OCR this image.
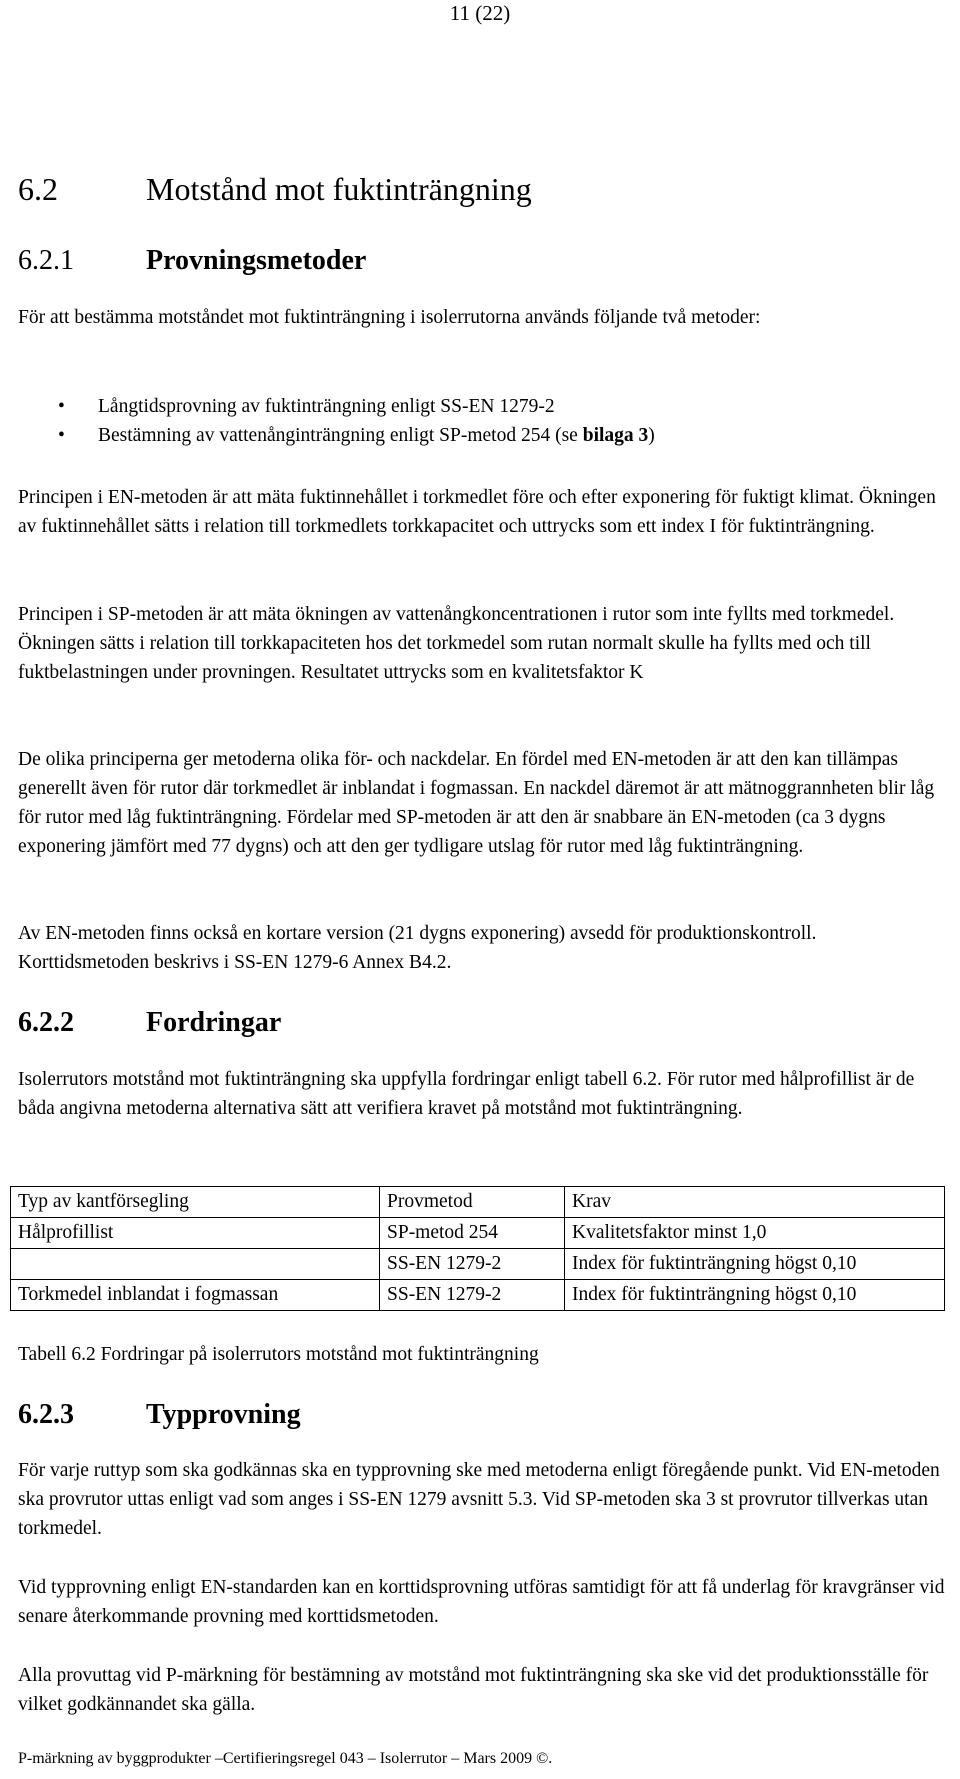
11 (22)
6.2	Motstånd mot fuktinträngning
6.2.1	Provningsmetoder
För att bestämma motståndet mot fuktinträngning i isolerrutorna används följande två metoder:
• Långtidsprovning av fuktinträngning enligt SS-EN 1279-2
• Bestämning av vattenånginträngning enligt SP-metod 254 (se bilaga 3)
Principen i EN-metoden är att mäta fuktinnehållet i torkmedlet före och efter exponering för fuktigt klimat. Ökningen av fuktinnehållet sätts i relation till torkmedlets torkkapacitet och uttrycks som ett index I för fuktinträngning.
Principen i SP-metoden är att mäta ökningen av vattenångkoncentrationen i rutor som inte fyllts med torkmedel. Ökningen sätts i relation till torkkapaciteten hos det torkmedel som rutan normalt skulle ha fyllts med och till fuktbelastningen under provningen. Resultatet uttrycks som en kvalitetsfaktor K
De olika principerna ger metoderna olika för- och nackdelar. En fördel med EN-metoden är att den kan tillämpas generellt även för rutor där torkmedlet är inblandat i fogmassan. En nackdel däremot är att mätnoggrannheten blir låg för rutor med låg fuktinträngning. Fördelar med SP-metoden är att den är snabbare än EN-metoden (ca 3 dygns exponering jämfört med 77 dygns) och att den ger tydligare utslag för rutor med låg fuktinträngning.
Av EN-metoden finns också en kortare version (21 dygns exponering) avsedd för produktionskontroll. Korttidsmetoden beskrivs i SS-EN 1279-6 Annex B4.2.
6.2.2	Fordringar
Isolerrutors motstånd mot fuktinträngning ska uppfylla fordringar enligt tabell 6.2. För rutor med hålprofillist är de båda angivna metoderna alternativa sätt att verifiera kravet på motstånd mot fuktinträngning.
Typ av kantförsegling	Provmetod	Krav
Hålprofillist	SP-metod 254	Kvalitetsfaktor minst 1,0
	SS-EN 1279-2	Index för fuktinträngning högst 0,10
Torkmedel inblandat i fogmassan	SS-EN 1279-2	Index för fuktinträngning högst 0,10
Tabell 6.2 Fordringar på isolerrutors motstånd mot fuktinträngning
6.2.3	Typprovning
För varje ruttyp som ska godkännas ska en typprovning ske med metoderna enligt föregående punkt. Vid EN-metoden ska provrutor uttas enligt vad som anges i SS-EN 1279 avsnitt 5.3. Vid SP-metoden ska 3 st provrutor tillverkas utan torkmedel.
Vid typprovning enligt EN-standarden kan en korttidsprovning utföras samtidigt för att få underlag för kravgränser vid senare återkommande provning med korttidsmetoden.
Alla provuttag vid P-märkning för bestämning av motstånd mot fuktinträngning ska ske vid det produktionsställe för vilket godkännandet ska gälla.
P-märkning av byggprodukter –Certifieringsregel 043 – Isolerrutor – Mars 2009 ©.
